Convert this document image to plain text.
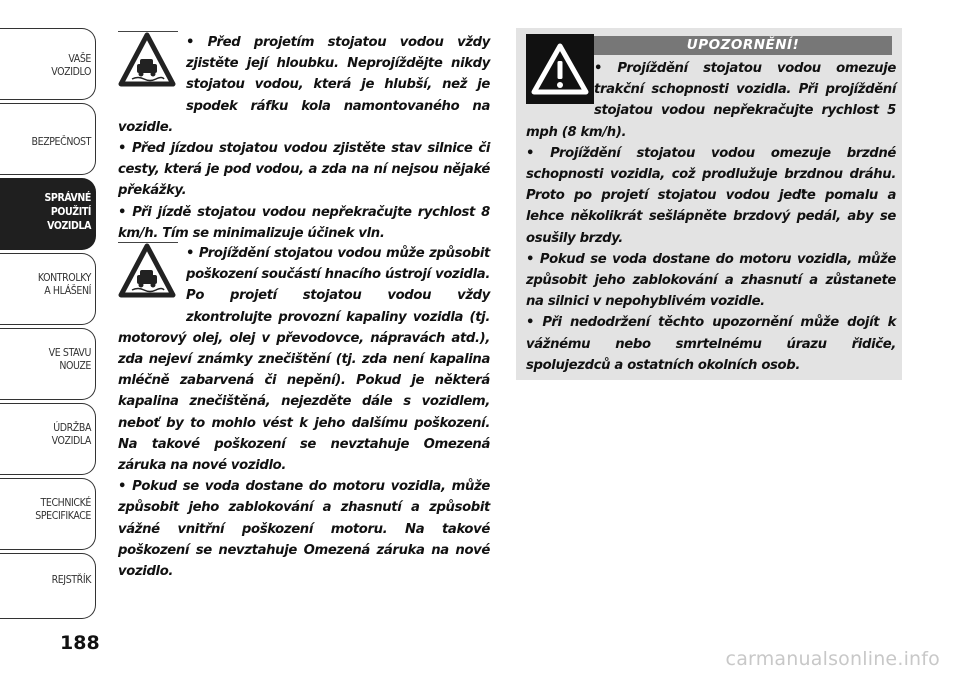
VAŠE
VOZIDLO
BEZPEČNOST
SPRÁVNÉ
POUŽITÍ
VOZIDLA
KONTROLKY
A HLÁŠENÍ
VE STAVU
NOUZE
ÚDRŽBA
VOZIDLA
TECHNICKÉ
SPECIFIKACE
REJSTŘÍK
188

• Před projetím stojatou vodou vždy zjistěte její hloubku. Neprojíždějte nikdy stojatou vodou, která je hlubší, než je spodek ráfku kola namontovaného na vozidle.

• Před jízdou stojatou vodou zjistěte stav silnice či cesty, která je pod vodou, a zda na ní nejsou nějaké překážky.

• Při jízdě stojatou vodou nepřekračujte rychlost 8 km/h. Tím se minimalizuje účinek vln.

• Projíždění stojatou vodou může způsobit poškození součástí hnacího ústrojí vozidla. Po projetí stojatou vodou vždy zkontrolujte provozní kapaliny vozidla (tj. motorový olej, olej v převodovce, nápravách atd.), zda nejeví známky znečištění (tj. zda není kapalina mléčně zabarvená či nepění). Pokud je některá kapalina znečištěná, nejezděte dále s vozidlem, neboť by to mohlo vést k jeho dalšímu poškození. Na takové poškození se nevztahuje Omezená záruka na nové vozidlo.

• Pokud se voda dostane do motoru vozidla, může způsobit jeho zablokování a zhasnutí a způsobit vážné vnitřní poškození motoru. Na takové poškození se nevztahuje Omezená záruka na nové vozidlo.

UPOZORNĚNÍ!

• Projíždění stojatou vodou omezuje trakční schopnosti vozidla. Při projíždění stojatou vodou nepřekračujte rychlost 5 mph (8 km/h).

• Projíždění stojatou vodou omezuje brzdné schopnosti vozidla, což prodlužuje brzdnou dráhu. Proto po projetí stojatou vodou jeďte pomalu a lehce několikrát sešlápněte brzdový pedál, aby se osušily brzdy.

• Pokud se voda dostane do motoru vozidla, může způsobit jeho zablokování a zhasnutí a zůstanete na silnici v nepohyblivém vozidle.

• Při nedodržení těchto upozornění může dojít k vážnému nebo smrtelnému úrazu řidiče, spolujezdců a ostatních okolních osob.

carmanualsonline.info
